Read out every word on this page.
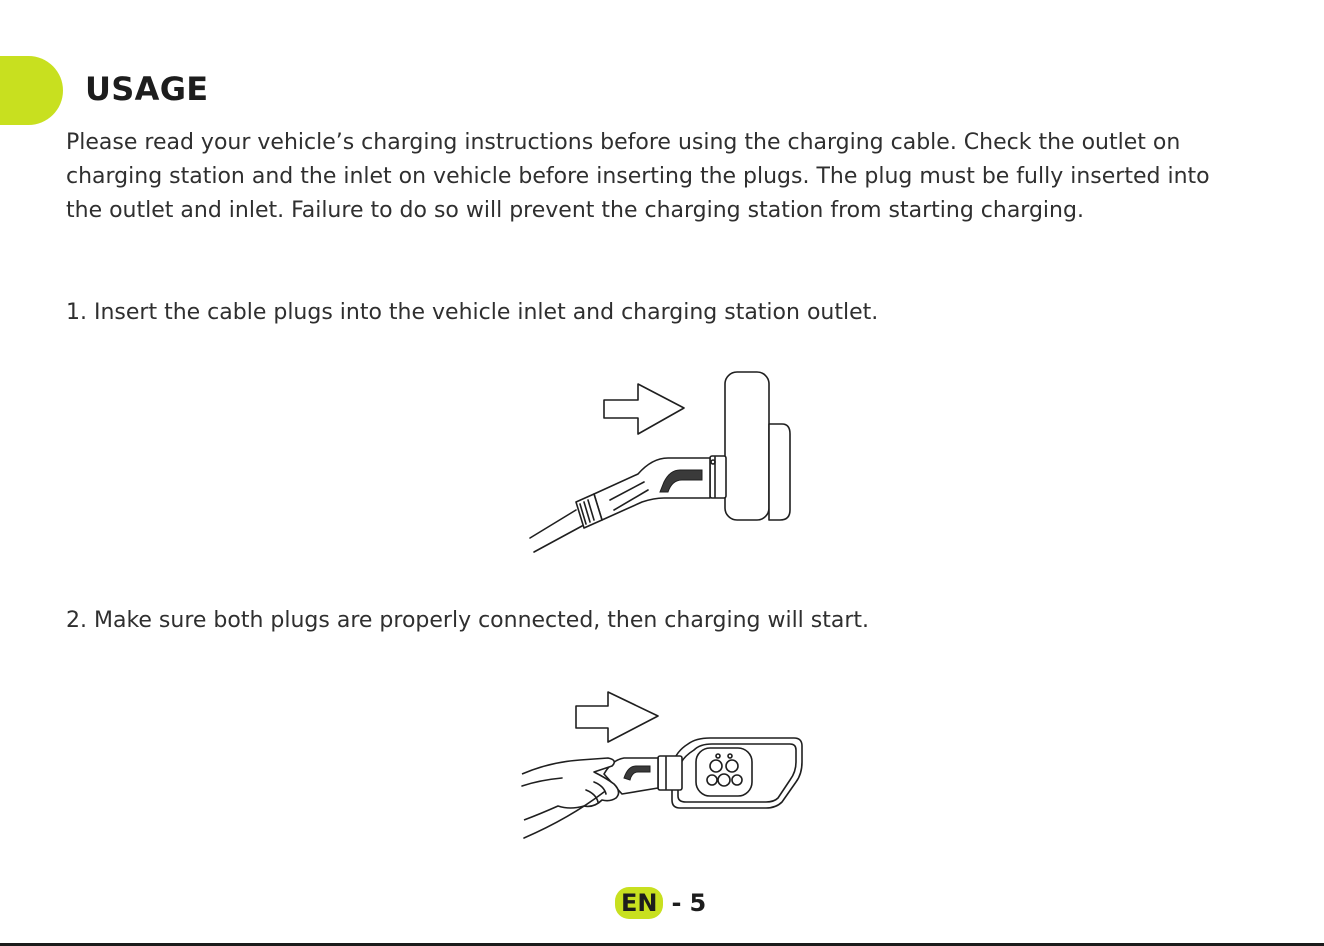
USAGE

Please read your vehicle’s charging instructions before using the charging cable. Check the outlet on charging station and the inlet on vehicle before inserting the plugs. The plug must be fully inserted into the outlet and inlet. Failure to do so will prevent the charging station from starting charging.

1. Insert the cable plugs into the vehicle inlet and charging station outlet.

2. Make sure both plugs are properly connected, then charging will start.

EN - 5
